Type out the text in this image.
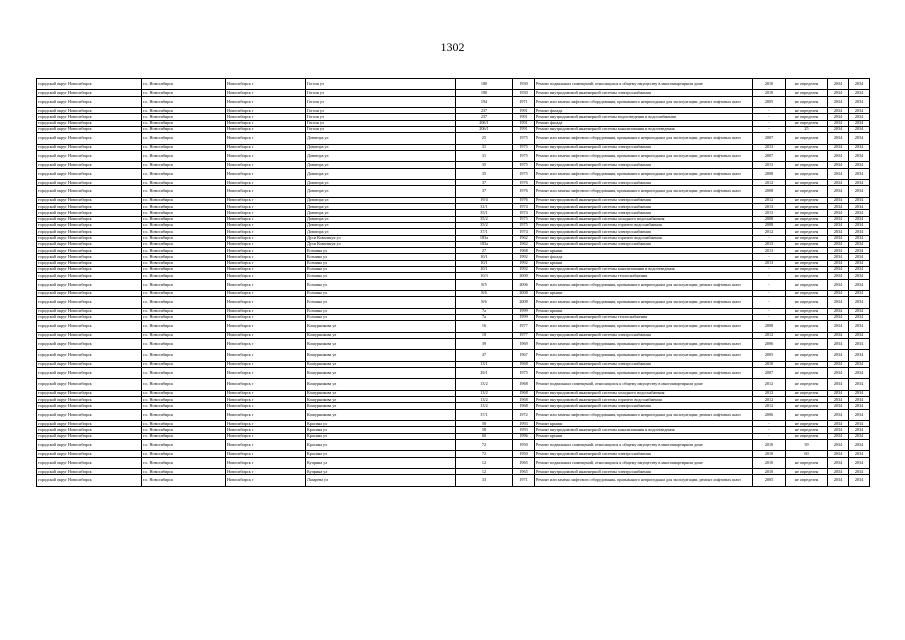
1302
городской округ Новосибирск	г.о. Новосибирск	Новосибирск г	Гоголя ул	180	1930	Ремонт подвальных помещений, относящихся к общему имуществу в многоквартирном доме	2010	не определен	2034	2034
городской округ Новосибирск	г.о. Новосибирск	Новосибирск г	Гоголя ул	180	1930	Ремонт внутридомовой инженерной системы электроснабжения	2010	не определен	2034	2034
городской округ Новосибирск	г.о. Новосибирск	Новосибирск г	Гоголя ул	194	1971	Ремонт или замена лифтового оборудования, признанного непригодным для эксплуатации, ремонт лифтовых шахт	2005	не определен	2034	2034
городской округ Новосибирск	г.о. Новосибирск	Новосибирск г	Гоголя ул	237	1991	Ремонт фасада	-	не определен	2034	2034
городской округ Новосибирск	г.о. Новосибирск	Новосибирск г	Гоголя ул	237	1991	Ремонт внутридомовой инженерной системы водоотведения и водоснабжения	-	не определен	2034	2034
городской округ Новосибирск	г.о. Новосибирск	Новосибирск г	Гоголя ул	206/1	1991	Ремонт фасада	-	не определен	2034	2034
городской округ Новосибирск	г.о. Новосибирск	Новосибирск г	Гоголя ул	206/1	1991	Ремонт внутридомовой инженерной системы канализования и водоотведения	-	25	2034	2034
городской округ Новосибирск	г.о. Новосибирск	Новосибирск г	Доватора ул	25	1975	Ремонт или замена лифтового оборудования, признанного непригодным для эксплуатации, ремонт лифтовых шахт	2007	не определен	2034	2034
городской округ Новосибирск	г.о. Новосибирск	Новосибирск г	Доватора ул	31	1975	Ремонт внутридомовой инженерной системы электроснабжения	2013	не определен	2034	2034
городской округ Новосибирск	г.о. Новосибирск	Новосибирск г	Доватора ул	31	1975	Ремонт или замена лифтового оборудования, признанного непригодным для эксплуатации, ремонт лифтовых шахт	2007	не определен	2034	2034
городской округ Новосибирск	г.о. Новосибирск	Новосибирск г	Доватора ул	35	1975	Ремонт внутридомовой инженерной системы электроснабжения	2013	не определен	2034	2034
городской округ Новосибирск	г.о. Новосибирск	Новосибирск г	Доватора ул	35	1975	Ремонт или замена лифтового оборудования, признанного непригодным для эксплуатации, ремонт лифтовых шахт	2008	не определен	2034	2034
городской округ Новосибирск	г.о. Новосибирск	Новосибирск г	Доватора ул	37	1976	Ремонт внутридомовой инженерной системы электроснабжения	2012	не определен	2034	2034
городской округ Новосибирск	г.о. Новосибирск	Новосибирск г	Доватора ул	37	1976	Ремонт или замена лифтового оборудования, признанного непригодным для эксплуатации, ремонт лифтовых шахт	2008	не определен	2034	2034
городской округ Новосибирск	г.о. Новосибирск	Новосибирск г	Доватора ул	19/4	1976	Ремонт внутридомовой инженерной системы электроснабжения	2012	не определен	2034	2034
городской округ Новосибирск	г.о. Новосибирск	Новосибирск г	Доватора ул	31/1	1974	Ремонт внутридомовой инженерной системы электроснабжения	2013	не определен	2034	2034
городской округ Новосибирск	г.о. Новосибирск	Новосибирск г	Доватора ул	35/1	1974	Ремонт внутридомовой инженерной системы электроснабжения	2013	не определен	2034	2034
городской округ Новосибирск	г.о. Новосибирск	Новосибирск г	Доватора ул	35/2	1975	Ремонт внутридомовой инженерной системы холодного водоснабжения	2008	не определен	2034	2034
городской округ Новосибирск	г.о. Новосибирск	Новосибирск г	Доватора ул	35/2	1975	Ремонт внутридомовой инженерной системы горячего водоснабжения	2008	не определен	2034	2034
городской округ Новосибирск	г.о. Новосибирск	Новосибирск г	Доватора ул	37/1	1974	Ремонт внутридомовой инженерной системы электроснабжения	2012	не определен	2034	2034
городской округ Новосибирск	г.о. Новосибирск	Новосибирск г	Дуси Ковальчук ул	183а	1962	Ремонт внутридомовой инженерной системы горячего водоснабжения	-	не определен	2034	2034
городской округ Новосибирск	г.о. Новосибирск	Новосибирск г	Дуси Ковальчук ул	183а	1962	Ремонт внутридомовой инженерной системы электроснабжения	2013	не определен	2034	2034
городской округ Новосибирск	г.о. Новосибирск	Новосибирск г	Есенина ул	27	1968	Ремонт крыши	2013	не определен	2034	2034
городской округ Новосибирск	г.о. Новосибирск	Новосибирск г	Есенина ул	10/1	1992	Ремонт фасада	-	не определен	2034	2034
городской округ Новосибирск	г.о. Новосибирск	Новосибирск г	Есенина ул	10/1	1992	Ремонт крыши	2013	не определен	2034	2034
городской округ Новосибирск	г.о. Новосибирск	Новосибирск г	Есенина ул	10/1	1992	Ремонт внутридомовой инженерной системы канализования и водоотведения	-	не определен	2034	2034
городской округ Новосибирск	г.о. Новосибирск	Новосибирск г	Есенина ул	10/3	2000	Ремонт внутридомовой инженерной системы теплоснабжения	-	не определен	2034	2034
городской округ Новосибирск	г.о. Новосибирск	Новосибирск г	Есенина ул	8/5	2006	Ремонт или замена лифтового оборудования, признанного непригодным для эксплуатации, ремонт лифтовых шахт	-	не определен	2034	2034
городской округ Новосибирск	г.о. Новосибирск	Новосибирск г	Есенина ул	8/6	2008	Ремонт крыши	-	не определен	2034	2034
городской округ Новосибирск	г.о. Новосибирск	Новосибирск г	Есенина ул	8/6	2008	Ремонт или замена лифтового оборудования, признанного непригодным для эксплуатации, ремонт лифтовых шахт	-	не определен	2034	2034
городской округ Новосибирск	г.о. Новосибирск	Новосибирск г	Есенина ул	7а	1999	Ремонт крыши	-	не определен	2034	2034
городской округ Новосибирск	г.о. Новосибирск	Новосибирск г	Есенина ул	7а	1999	Ремонт внутридомовой инженерной системы теплоснабжения	-	не определен	2034	2034
городской округ Новосибирск	г.о. Новосибирск	Новосибирск г	Кошурникова ул	16	1977	Ремонт или замена лифтового оборудования, признанного непригодным для эксплуатации, ремонт лифтовых шахт	2008	не определен	2034	2034
городской округ Новосибирск	г.о. Новосибирск	Новосибирск г	Кошурникова ул	18	1977	Ремонт внутридомовой инженерной системы электроснабжения	2012	не определен	2034	2034
городской округ Новосибирск	г.о. Новосибирск	Новосибирск г	Кошурникова ул	39	1969	Ремонт или замена лифтового оборудования, признанного непригодным для эксплуатации, ремонт лифтовых шахт	2006	не определен	2034	2034
городской округ Новосибирск	г.о. Новосибирск	Новосибирск г	Кошурникова ул	47	1967	Ремонт или замена лифтового оборудования, признанного непригодным для эксплуатации, ремонт лифтовых шахт	2005	не определен	2034	2034
городской округ Новосибирск	г.о. Новосибирск	Новосибирск г	Кошурникова ул	13/1	1968	Ремонт внутридомовой инженерной системы электроснабжения	2010	не определен	2034	2034
городской округ Новосибирск	г.о. Новосибирск	Новосибирск г	Кошурникова ул	29/1	1975	Ремонт или замена лифтового оборудования, признанного непригодным для эксплуатации, ремонт лифтовых шахт	2007	не определен	2034	2034
городской округ Новосибирск	г.о. Новосибирск	Новосибирск г	Кошурникова ул	13/2	1968	Ремонт подвальных помещений, относящихся к общему имуществу в многоквартирном доме	2012	не определен	2034	2034
городской округ Новосибирск	г.о. Новосибирск	Новосибирск г	Кошурникова ул	13/2	1968	Ремонт внутридомовой инженерной системы холодного водоснабжения	2012	не определен	2034	2034
городской округ Новосибирск	г.о. Новосибирск	Новосибирск г	Кошурникова ул	13/2	1968	Ремонт внутридомовой инженерной системы горячего водоснабжения	2012	не определен	2034	2034
городской округ Новосибирск	г.о. Новосибирск	Новосибирск г	Кошурникова ул	13/2	1968	Ремонт внутридомовой инженерной системы электроснабжения	2012	не определен	2034	2034
городской округ Новосибирск	г.о. Новосибирск	Новосибирск г	Кошурникова ул	37/1	1972	Ремонт или замена лифтового оборудования, признанного непригодным для эксплуатации, ремонт лифтовых шахт	2006	не определен	2034	2034
городской округ Новосибирск	г.о. Новосибирск	Новосибирск г	Красина ул	58	1993	Ремонт крыши	-	не определен	2034	2034
городской округ Новосибирск	г.о. Новосибирск	Новосибирск г	Красина ул	58	1993	Ремонт внутридомовой инженерной системы канализования и водоотведения	-	не определен	2034	2034
городской округ Новосибирск	г.о. Новосибирск	Новосибирск г	Красина ул	60	1996	Ремонт крыши	-	не определен	2034	2034
городской округ Новосибирск	г.о. Новосибирск	Новосибирск г	Красина ул	72	1950	Ремонт подвальных помещений, относящихся к общему имуществу в многоквартирном доме	2010	39	2034	2034
городской округ Новосибирск	г.о. Новосибирск	Новосибирск г	Красина ул	72	1950	Ремонт внутридомовой инженерной системы электроснабжения	2010	60	2034	2034
городской округ Новосибирск	г.о. Новосибирск	Новосибирск г	Куприна ул	12	1965	Ремонт подвальных помещений, относящихся к общему имуществу в многоквартирном доме	2010	не определен	2034	2034
городской округ Новосибирск	г.о. Новосибирск	Новосибирск г	Куприна ул	12	1965	Ремонт внутридомовой инженерной системы электроснабжения	2010	не определен	2034	2034
городской округ Новосибирск	г.о. Новосибирск	Новосибирск г	Лазарева ул	33	1971	Ремонт или замена лифтового оборудования, признанного непригодным для эксплуатации, ремонт лифтовых шахт	2005	не определен	2034	2034
